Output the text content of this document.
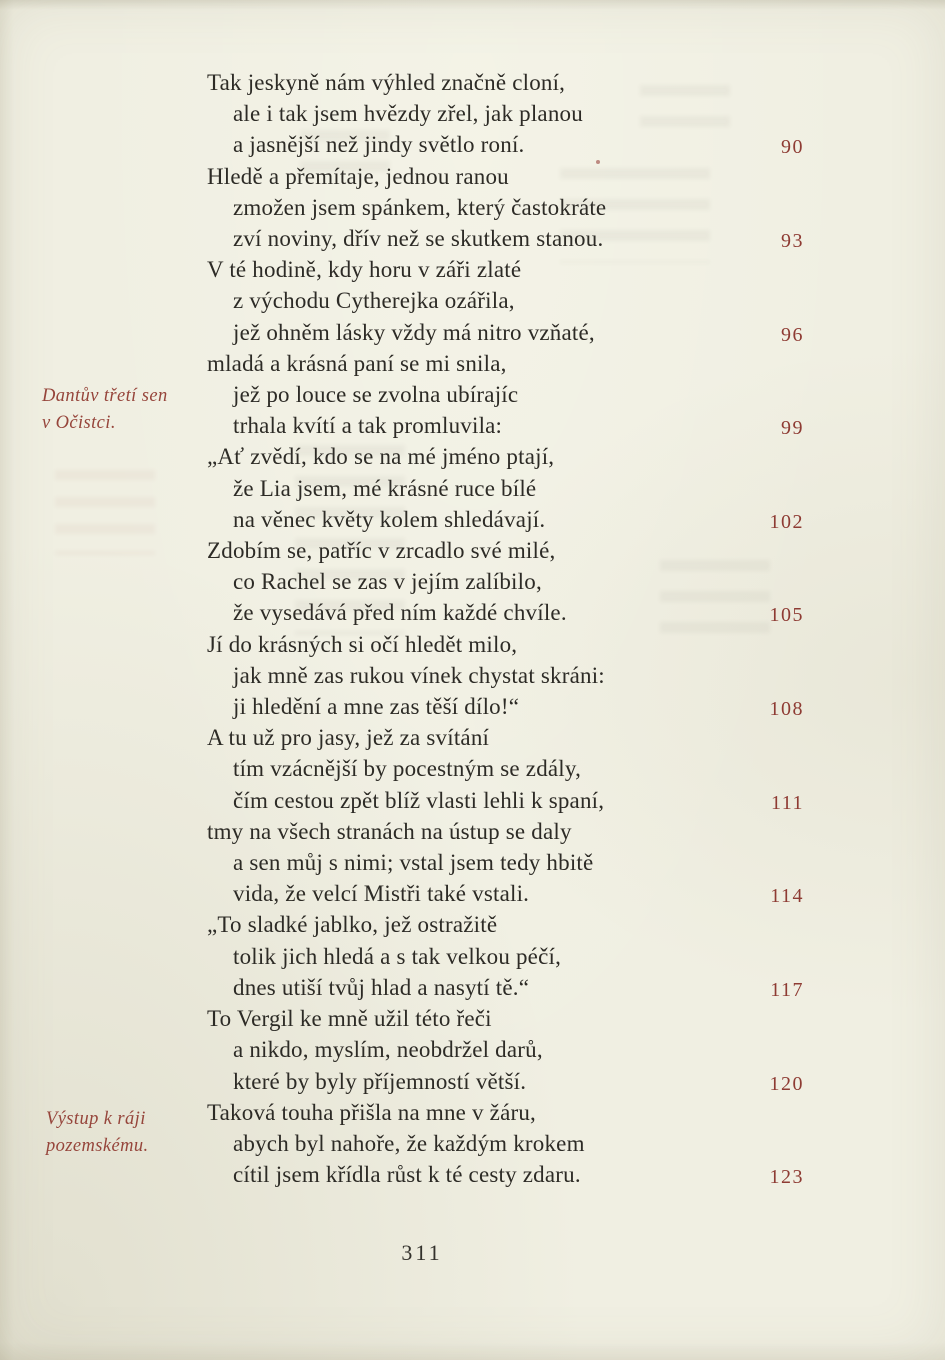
Dantův třetí sen
v Očistci.
Výstup k ráji
pozemskému.
Tak jeskyně nám výhled značně cloní,
ale i tak jsem hvězdy zřel, jak planou
a jasnější než jindy světlo roní.	90
Hledě a přemítaje, jednou ranou
zmožen jsem spánkem, který častokráte
zví noviny, dřív než se skutkem stanou.	93
V té hodině, kdy horu v záři zlaté
z východu Cytherejka ozářila,
jež ohněm lásky vždy má nitro vzňaté,	96
mladá a krásná paní se mi snila,
jež po louce se zvolna ubírajíc
trhala kvítí a tak promluvila:	99
„Ať zvědí, kdo se na mé jméno ptají,
že Lia jsem, mé krásné ruce bílé
na věnec květy kolem shledávají.	102
Zdobím se, patříc v zrcadlo své milé,
co Rachel se zas v jejím zalíbilo,
že vysedává před ním každé chvíle.	105
Jí do krásných si očí hledět milo,
jak mně zas rukou vínek chystat skráni:
ji hledění a mne zas těší dílo!“	108
A tu už pro jasy, jež za svítání
tím vzácnější by pocestným se zdály,
čím cestou zpět blíž vlasti lehli k spaní,	111
tmy na všech stranách na ústup se daly
a sen můj s nimi; vstal jsem tedy hbitě
vida, že velcí Mistři také vstali.	114
„To sladké jablko, jež ostražitě
tolik jich hledá a s tak velkou péčí,
dnes utiší tvůj hlad a nasytí tě.“	117
To Vergil ke mně užil této řeči
a nikdo, myslím, neobdržel darů,
které by byly příjemností větší.	120
Taková touha přišla na mne v žáru,
abych byl nahoře, že každým krokem
cítil jsem křídla růst k té cesty zdaru.	123
311
